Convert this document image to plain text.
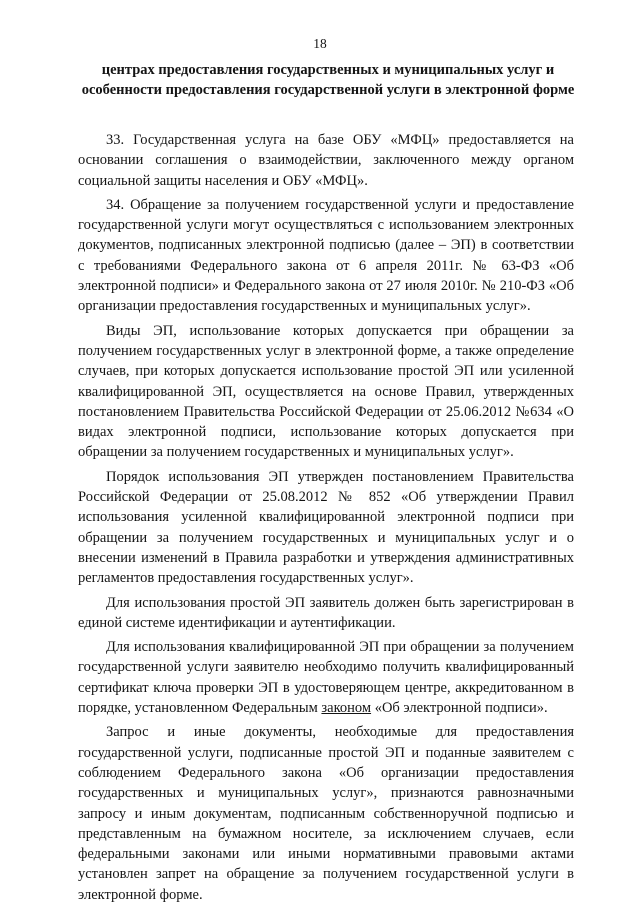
18
центрах предоставления государственных и муниципальных услуг и особенности предоставления государственной услуги в электронной форме

33. Государственная услуга на базе ОБУ «МФЦ» предоставляется на основании соглашения о взаимодействии, заключенного между органом социальной защиты населения и ОБУ «МФЦ».

34. Обращение за получением государственной услуги и предоставление государственной услуги могут осуществляться с использованием электронных документов, подписанных электронной подписью (далее – ЭП) в соответствии с требованиями Федерального закона от 6 апреля 2011г. № 63-ФЗ «Об электронной подписи» и Федерального закона от 27 июля 2010г. № 210-ФЗ «Об организации предоставления государственных и муниципальных услуг».

Виды ЭП, использование которых допускается при обращении за получением государственных услуг в электронной форме, а также определение случаев, при которых допускается использование простой ЭП или усиленной квалифицированной ЭП, осуществляется на основе Правил, утвержденных постановлением Правительства Российской Федерации от 25.06.2012 №634 «О видах электронной подписи, использование которых допускается при обращении за получением государственных и муниципальных услуг».

Порядок использования ЭП утвержден постановлением Правительства Российской Федерации от 25.08.2012 № 852 «Об утверждении Правил использования усиленной квалифицированной электронной подписи при обращении за получением государственных и муниципальных услуг и о внесении изменений в Правила разработки и утверждения административных регламентов предоставления государственных услуг».

Для использования простой ЭП заявитель должен быть зарегистрирован в единой системе идентификации и аутентификации.

Для использования квалифицированной ЭП при обращении за получением государственной услуги заявителю необходимо получить квалифицированный сертификат ключа проверки ЭП в удостоверяющем центре, аккредитованном в порядке, установленном Федеральным законом «Об электронной подписи».

Запрос и иные документы, необходимые для предоставления государственной услуги, подписанные простой ЭП и поданные заявителем с соблюдением Федерального закона «Об организации предоставления государственных и муниципальных услуг», признаются равнозначными запросу и иным документам, подписанным собственноручной подписью и представленным на бумажном носителе, за исключением случаев, если федеральными законами или иными нормативными правовыми актами установлен запрет на обращение за получением государственной услуги в электронной форме.
